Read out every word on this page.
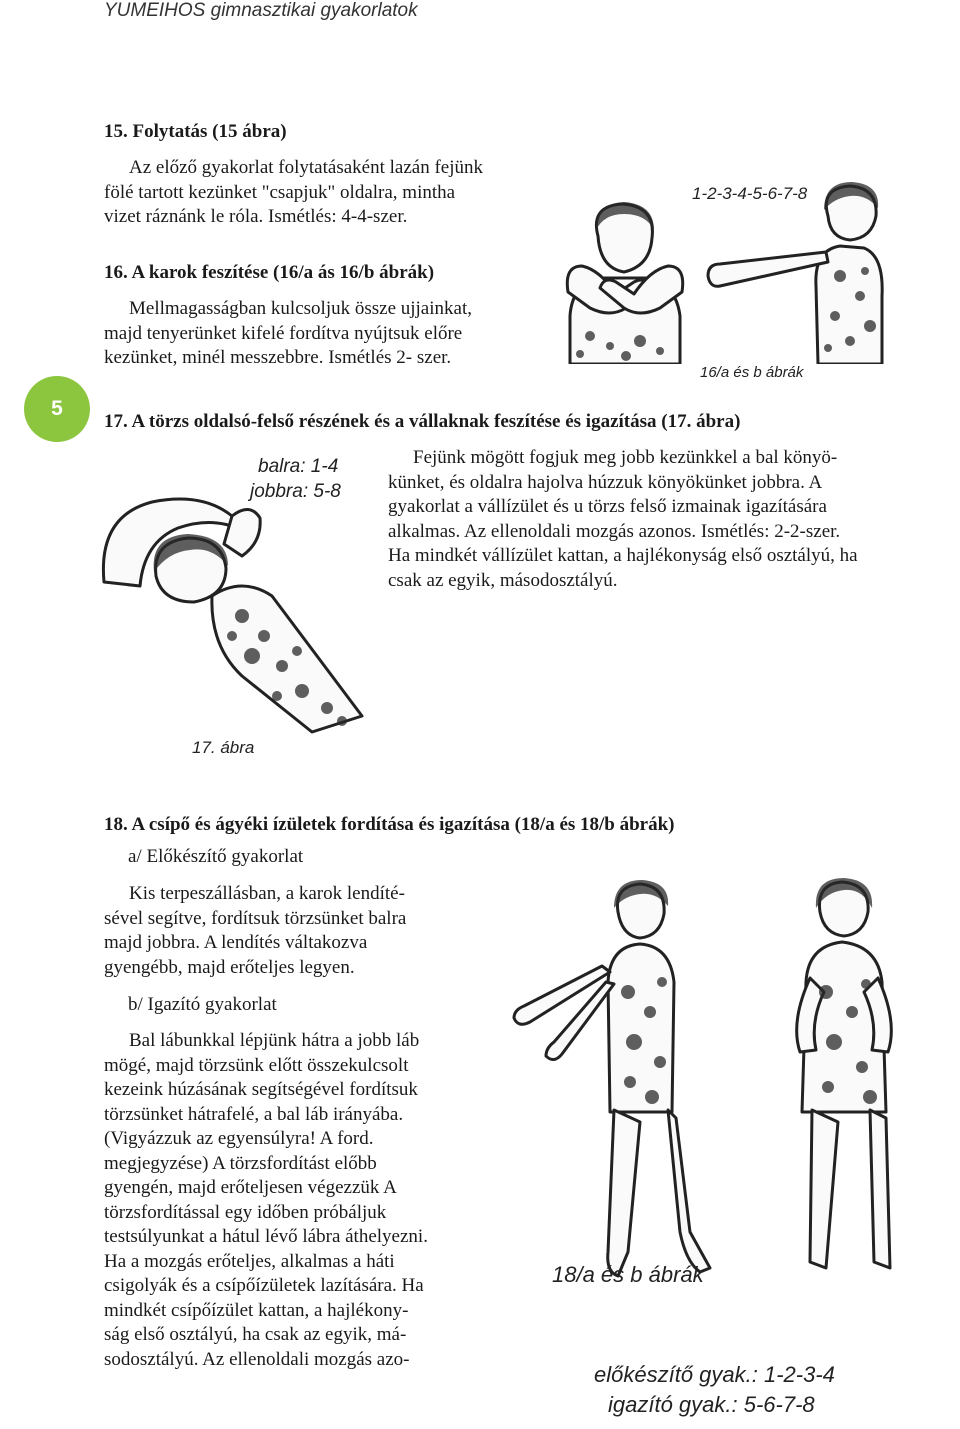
YUMEIHOS gimnasztikai gyakorlatok
5
15. Folytatás (15 ábra)
Az előző gyakorlat folytatásaként lazán fejünk
fölé tartott kezünket "csapjuk" oldalra, mintha
vizet ráznánk le róla. Ismétlés: 4-4-szer.
16. A karok feszítése (16/a ás 16/b ábrák)
Mellmagasságban kulcsoljuk össze ujjainkat,
majd tenyerünket kifelé fordítva nyújtsuk előre
kezünket, minél messzebbre. Ismétlés 2- szer.
1-2-3-4-5-6-7-8
16/a és b ábrák
17. A törzs oldalsó-felső részének és a vállaknak feszítése és igazítása (17. ábra)
Fejünk mögött fogjuk meg jobb kezünkkel a bal könyö-
künket, és oldalra hajolva húzzuk könyökünket jobbra. A
gyakorlat a vállízület és u törzs felső izmainak igazítására
alkalmas. Az ellenoldali mozgás azonos. Ismétlés: 2-2-szer.
Ha mindkét vállízület kattan, a hajlékonyság első osztályú, ha
csak az egyik, másodosztályú.
balra: 1-4
jobbra: 5-8
17. ábra
18. A csípő és ágyéki ízületek fordítása és igazítása (18/a és 18/b ábrák)
a/ Előkészítő gyakorlat
Kis terpeszállásban, a karok lendíté-
sével segítve, fordítsuk törzsünket balra
majd jobbra. A lendítés váltakozva
gyengébb, majd erőteljes legyen.
b/ Igazító gyakorlat
Bal lábunkkal lépjünk hátra a jobb láb
mögé, majd törzsünk előtt összekulcsolt
kezeink húzásának segítségével fordítsuk
törzsünket hátrafelé, a bal láb irányába.
(Vigyázzuk az egyensúlyra! A ford.
megjegyzése) A törzsfordítást előbb
gyengén, majd erőteljesen végezzük A
törzsfordítással egy időben próbáljuk
testsúlyunkat a hátul lévő lábra áthelyezni.
Ha a mozgás erőteljes, alkalmas a háti
csigolyák és a csípőízületek lazítására. Ha
mindkét csípőízület kattan, a hajlékony-
ság első osztályú, ha csak az egyik, má-
sodosztályú. Az ellenoldali mozgás azo-
18/a és b ábrák
előkészítő gyak.: 1-2-3-4
igazító gyak.: 5-6-7-8
